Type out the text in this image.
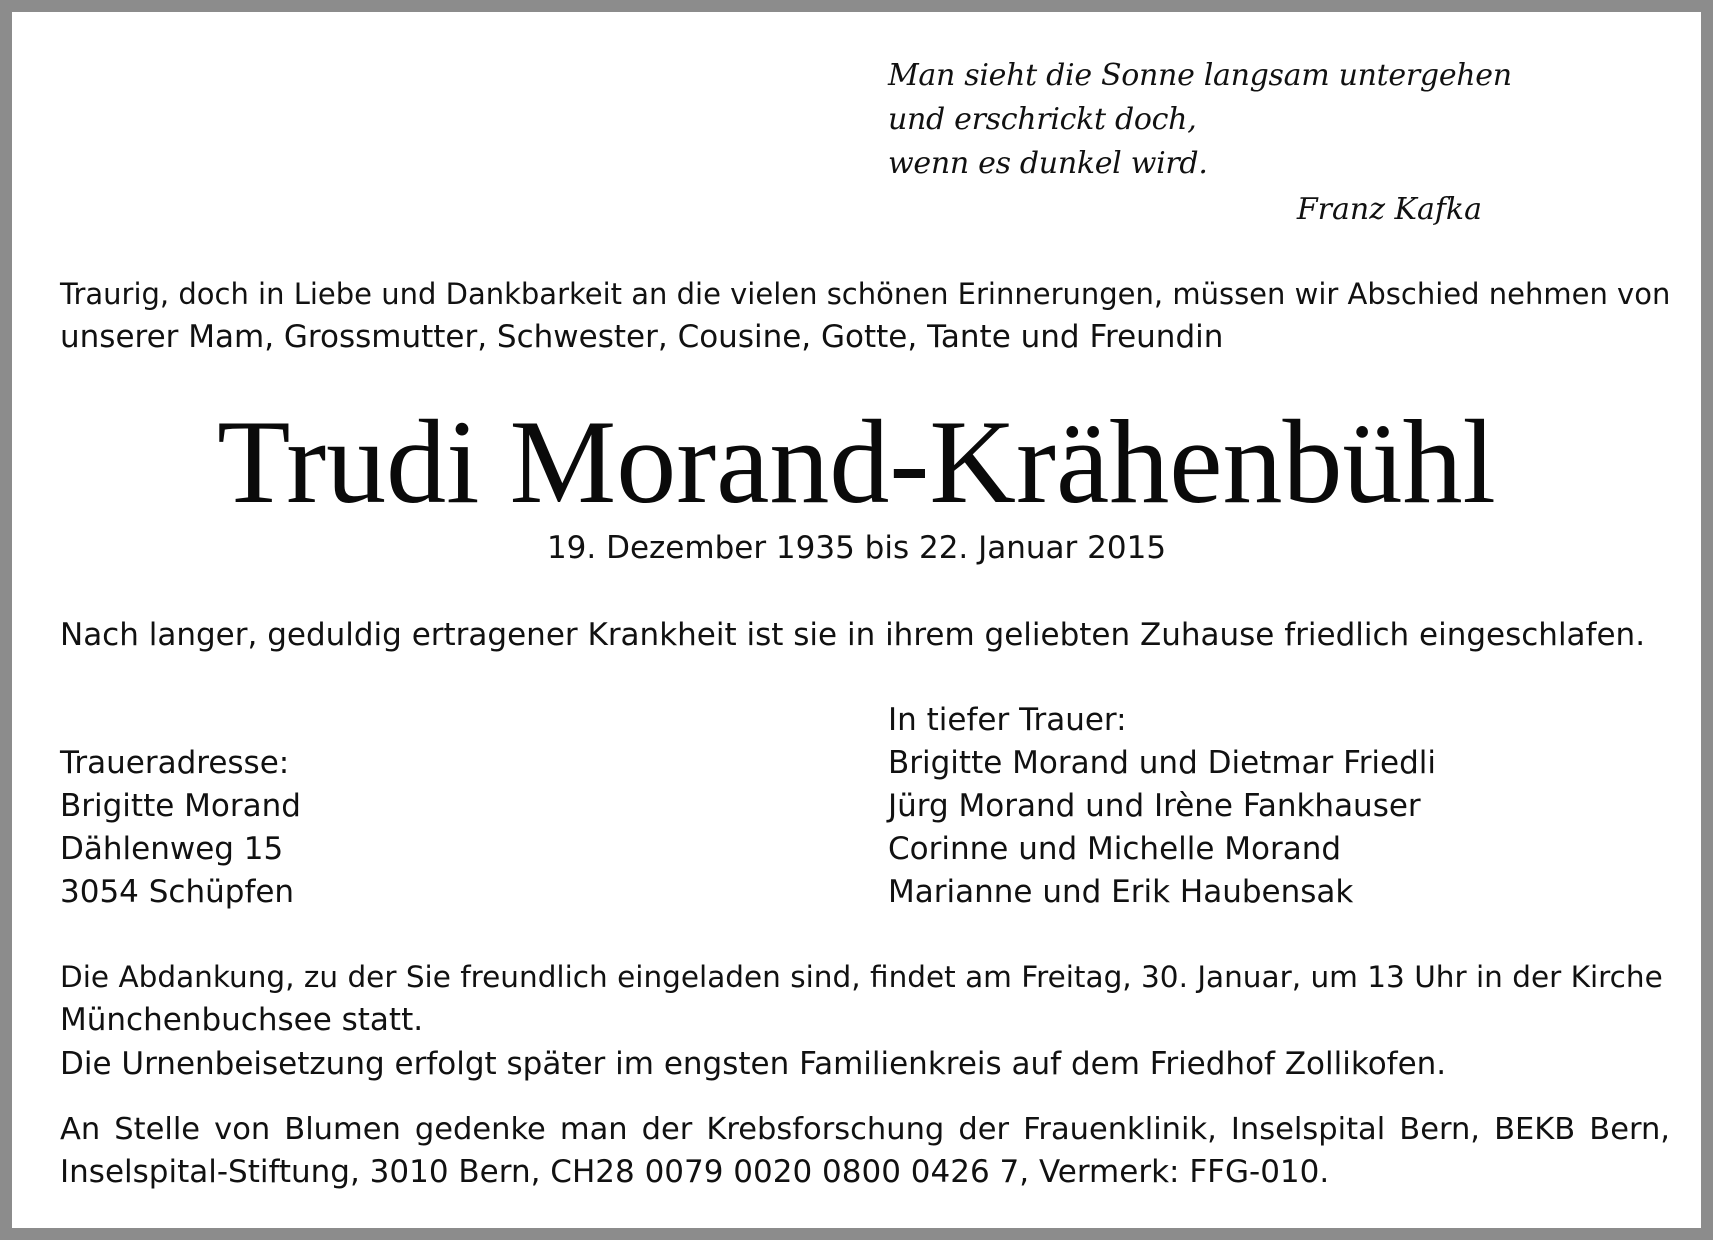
Man sieht die Sonne langsam untergehen
und erschrickt doch,
wenn es dunkel wird.
Franz Kafka
Traurig, doch in Liebe und Dankbarkeit an die vielen schönen Erinnerungen, müssen wir Abschied nehmen von
unserer Mam, Grossmutter, Schwester, Cousine, Gotte, Tante und Freundin
Trudi Morand-Krähenbühl
19. Dezember 1935 bis 22. Januar 2015
Nach langer, geduldig ertragener Krankheit ist sie in ihrem geliebten Zuhause friedlich eingeschlafen.
Traueradresse:
Brigitte Morand
Dählenweg 15
3054 Schüpfen
In tiefer Trauer:
Brigitte Morand und Dietmar Friedli
Jürg Morand und Irène Fankhauser
Corinne und Michelle Morand
Marianne und Erik Haubensak
Die Abdankung, zu der Sie freundlich eingeladen sind, findet am Freitag, 30. Januar, um 13 Uhr in der Kirche
Münchenbuchsee statt.
Die Urnenbeisetzung erfolgt später im engsten Familienkreis auf dem Friedhof Zollikofen.
An Stelle von Blumen gedenke man der Krebsforschung der Frauenklinik, Inselspital Bern, BEKB Bern,
Inselspital-Stiftung, 3010 Bern, CH28 0079 0020 0800 0426 7, Vermerk: FFG-010.
